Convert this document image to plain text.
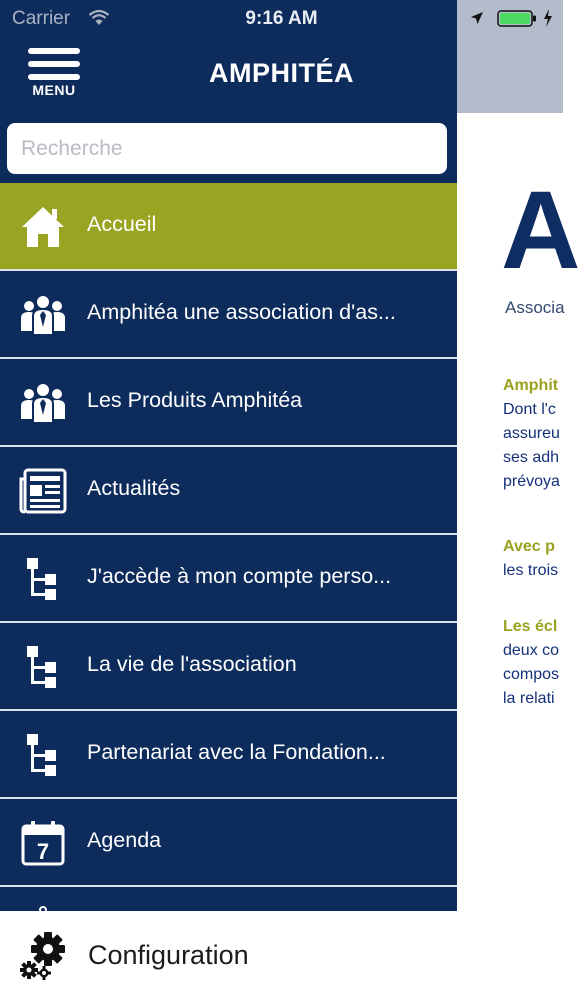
A
Associa
Amphit
Dont l'c
assureu
ses adh
prévoya
Avec p
les trois
Les écl
deux co
compos
la relati
MENU
AMPHITÉA
Recherche
Accueil
Amphitéa une association d'as...
Les Produits Amphitéa
Actualités
J'accède à mon compte perso...
La vie de l'association
Partenariat avec la Fondation...
7 Agenda
Configuration
Carrier	9:16 AM
